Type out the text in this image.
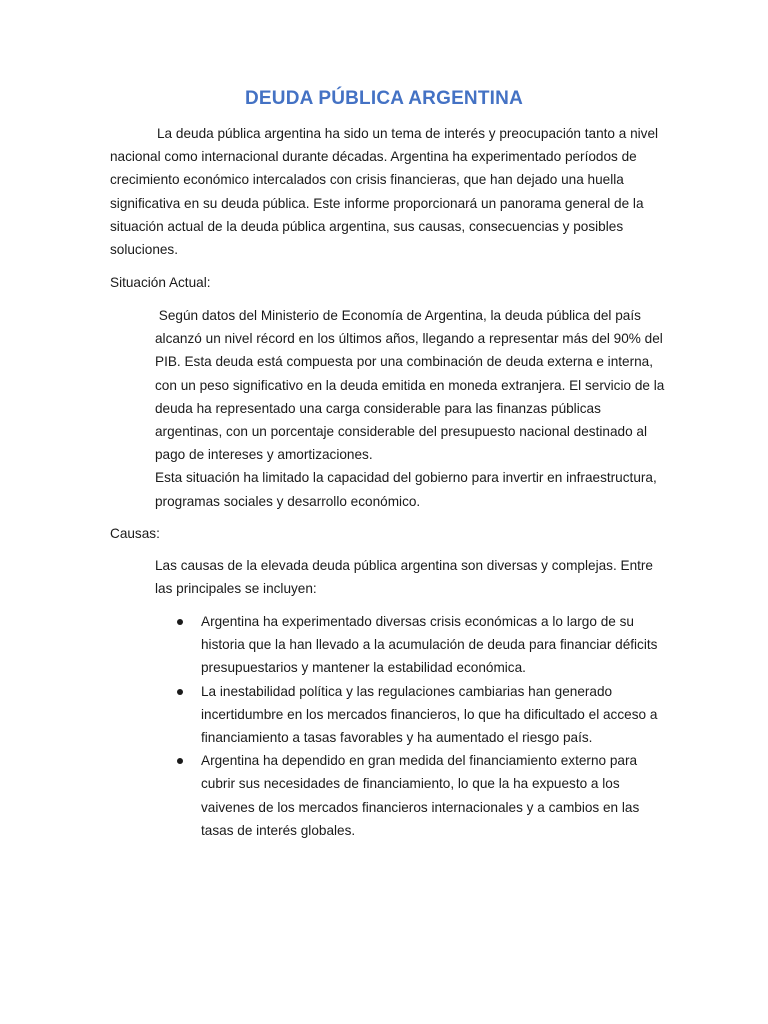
DEUDA PÚBLICA ARGENTINA

La deuda pública argentina ha sido un tema de interés y preocupación tanto a nivel nacional como internacional durante décadas. Argentina ha experimentado períodos de crecimiento económico intercalados con crisis financieras, que han dejado una huella significativa en su deuda pública. Este informe proporcionará un panorama general de la situación actual de la deuda pública argentina, sus causas, consecuencias y posibles soluciones.

Situación Actual:

Según datos del Ministerio de Economía de Argentina, la deuda pública del país alcanzó un nivel récord en los últimos años, llegando a representar más del 90% del PIB. Esta deuda está compuesta por una combinación de deuda externa e interna, con un peso significativo en la deuda emitida en moneda extranjera. El servicio de la deuda ha representado una carga considerable para las finanzas públicas argentinas, con un porcentaje considerable del presupuesto nacional destinado al pago de intereses y amortizaciones.

Esta situación ha limitado la capacidad del gobierno para invertir en infraestructura, programas sociales y desarrollo económico.

Causas:

Las causas de la elevada deuda pública argentina son diversas y complejas. Entre las principales se incluyen:

Argentina ha experimentado diversas crisis económicas a lo largo de su historia que la han llevado a la acumulación de deuda para financiar déficits presupuestarios y mantener la estabilidad económica.
La inestabilidad política y las regulaciones cambiarias han generado incertidumbre en los mercados financieros, lo que ha dificultado el acceso a financiamiento a tasas favorables y ha aumentado el riesgo país.
Argentina ha dependido en gran medida del financiamiento externo para cubrir sus necesidades de financiamiento, lo que la ha expuesto a los vaivenes de los mercados financieros internacionales y a cambios en las tasas de interés globales.
